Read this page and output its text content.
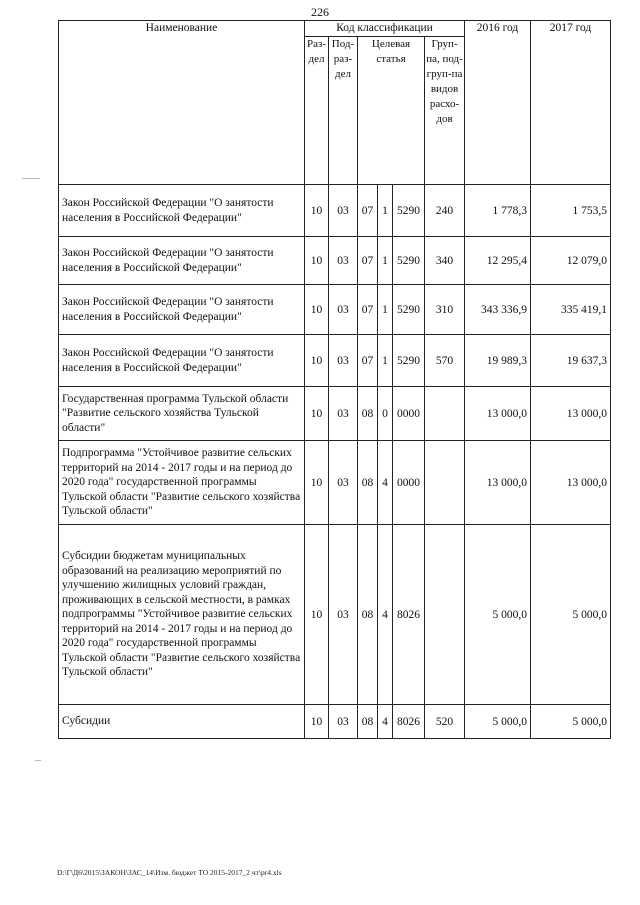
226
Наименование	Код классификации						2016 год	2017 год
	Раз-дел	Под-раз-дел	Целевая статья			Груп-па, под-груп-па видов расхо-дов		
Закон Российской Федерации "О занятости населения в Российской Федерации"	10	03	07	1	5290	240	1 778,3	1 753,5
Закон Российской Федерации "О занятости населения в Российской Федерации"	10	03	07	1	5290	340	12 295,4	12 079,0
Закон Российской Федерации "О занятости населения в Российской Федерации"	10	03	07	1	5290	310	343 336,9	335 419,1
Закон Российской Федерации "О занятости населения в Российской Федерации"	10	03	07	1	5290	570	19 989,3	19 637,3
Государственная программа Тульской области "Развитие сельского хозяйства Тульской области"	10	03	08	0	0000		13 000,0	13 000,0
Подпрограмма "Устойчивое развитие сельских территорий на 2014 - 2017 годы и на период до 2020 года" государственной программы Тульской области "Развитие сельского хозяйства Тульской области"	10	03	08	4	0000		13 000,0	13 000,0
Субсидии бюджетам муниципальных образований на реализацию мероприятий по улучшению жилищных условий граждан, проживающих в сельской местности, в рамках подпрограммы "Устойчивое развитие сельских территорий на 2014 - 2017 годы и на период до 2020 года" государственной программы Тульской области "Развитие сельского хозяйства Тульской области"	10	03	08	4	8026		5 000,0	5 000,0
Субсидии	10	03	08	4	8026	520	5 000,0	5 000,0
D:\Г\Д6\2015\ЗАКОН\ЗАС_14\Изм. бюджет ТО 2015-2017_2 чт\pr4.xls
